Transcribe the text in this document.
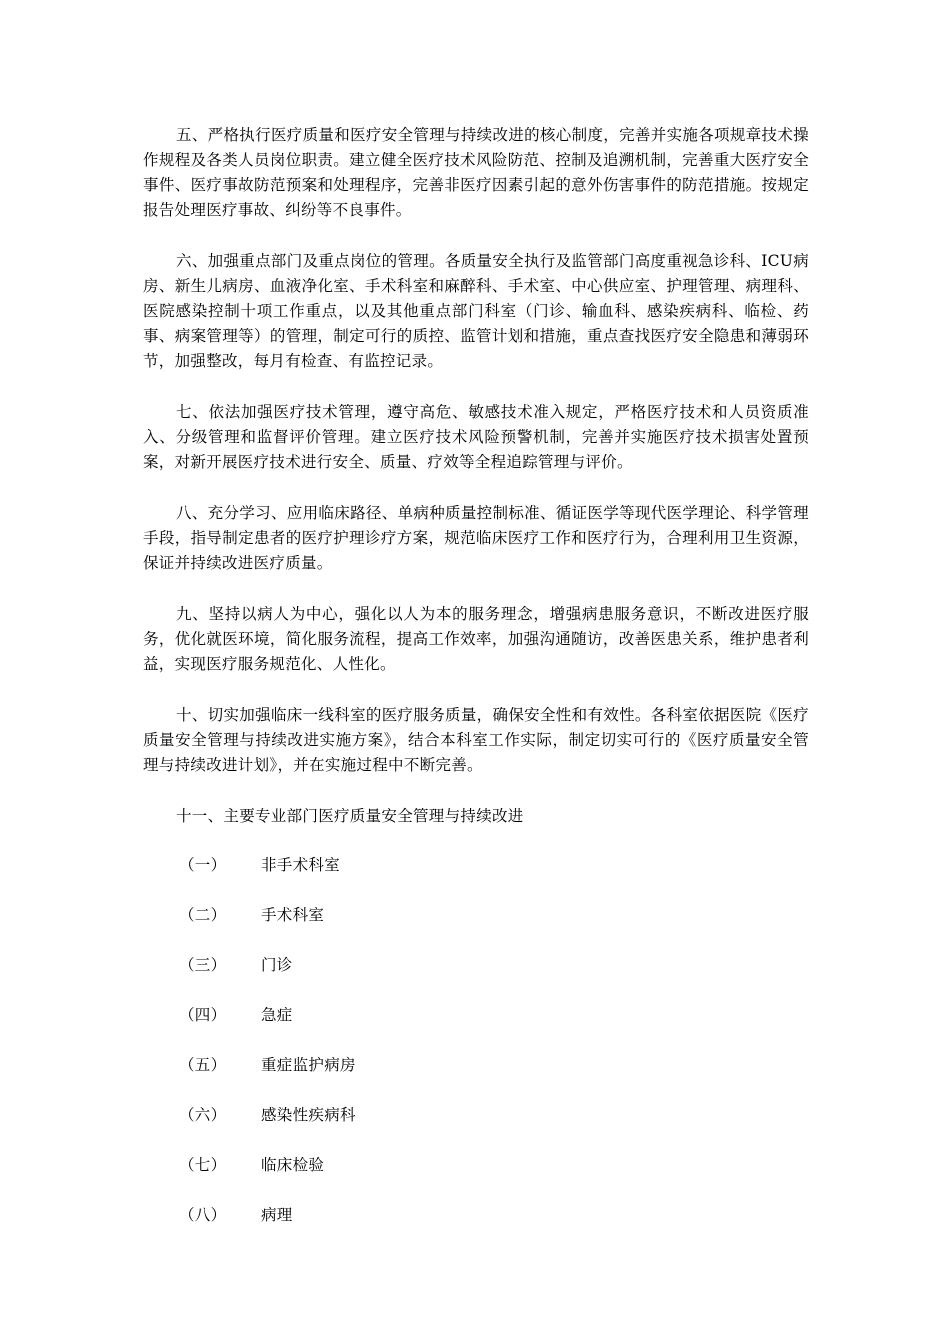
五、严格执行医疗质量和医疗安全管理与持续改进的核心制度，完善并实施各项规章技术操作规程及各类人员岗位职责。建立健全医疗技术风险防范、控制及追溯机制，完善重大医疗安全事件、医疗事故防范预案和处理程序，完善非医疗因素引起的意外伤害事件的防范措施。按规定报告处理医疗事故、纠纷等不良事件。

六、加强重点部门及重点岗位的管理。各质量安全执行及监管部门高度重视急诊科、ICU病房、新生儿病房、血液净化室、手术科室和麻醉科、手术室、中心供应室、护理管理、病理科、医院感染控制十项工作重点，以及其他重点部门科室（门诊、输血科、感染疾病科、临检、药事、病案管理等）的管理，制定可行的质控、监管计划和措施，重点查找医疗安全隐患和薄弱环节，加强整改，每月有检查、有监控记录。

七、依法加强医疗技术管理，遵守高危、敏感技术准入规定，严格医疗技术和人员资质准入、分级管理和监督评价管理。建立医疗技术风险预警机制，完善并实施医疗技术损害处置预案，对新开展医疗技术进行安全、质量、疗效等全程追踪管理与评价。

八、充分学习、应用临床路径、单病种质量控制标准、循证医学等现代医学理论、科学管理手段，指导制定患者的医疗护理诊疗方案，规范临床医疗工作和医疗行为，合理利用卫生资源，保证并持续改进医疗质量。

九、坚持以病人为中心，强化以人为本的服务理念，增强病患服务意识，不断改进医疗服务，优化就医环境，简化服务流程，提高工作效率，加强沟通随访，改善医患关系，维护患者利益，实现医疗服务规范化、人性化。

十、切实加强临床一线科室的医疗服务质量，确保安全性和有效性。各科室依据医院《医疗质量安全管理与持续改进实施方案》，结合本科室工作实际，制定切实可行的《医疗质量安全管理与持续改进计划》，并在实施过程中不断完善。

十一、主要专业部门医疗质量安全管理与持续改进

（一） 非手术科室
（二） 手术科室
（三） 门诊
（四） 急症
（五） 重症监护病房
（六） 感染性疾病科
（七） 临床检验
（八） 病理
